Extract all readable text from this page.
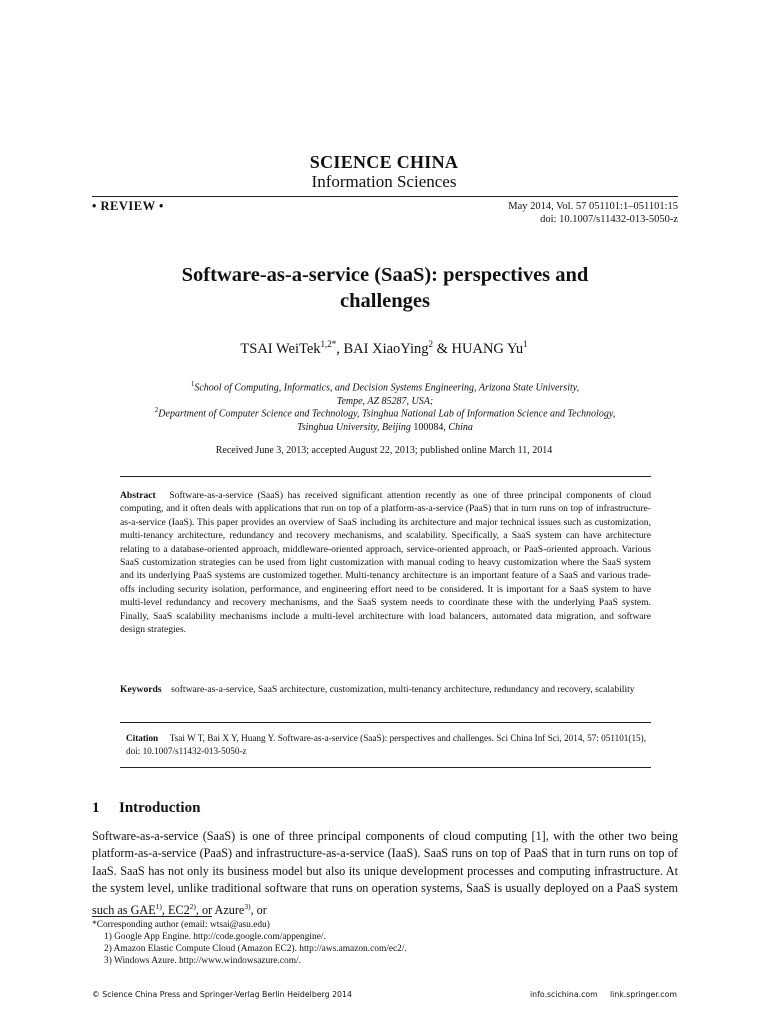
SCIENCE CHINA
Information Sciences
• REVIEW •	May 2014, Vol. 57 051101:1–051101:15
doi: 10.1007/s11432-013-5050-z
Software-as-a-service (SaaS): perspectives and
challenges
TSAI WeiTek$^{1,2*}$, BAI XiaoYing$^2$ & HUANG Yu$^1$
$^1$School of Computing, Informatics, and Decision Systems Engineering, Arizona State University,
Tempe, AZ 85287, USA;
$^2$Department of Computer Science and Technology, Tsinghua National Lab of Information Science and Technology,
Tsinghua University, Beijing 100084, China
Received June 3, 2013; accepted August 22, 2013; published online March 11, 2014
Abstract Software-as-a-service (SaaS) has received significant attention recently as one of three principal components of cloud computing, and it often deals with applications that run on top of a platform-as-a-service (PaaS) that in turn runs on top of infrastructure-as-a-service (IaaS). This paper provides an overview of SaaS including its architecture and major technical issues such as customization, multi-tenancy architecture, redundancy and recovery mechanisms, and scalability. Specifically, a SaaS system can have architecture relating to a database-oriented approach, middleware-oriented approach, service-oriented approach, or PaaS-oriented approach. Various SaaS customization strategies can be used from light customization with manual coding to heavy customization where the SaaS system and its underlying PaaS systems are customized together. Multi-tenancy architecture is an important feature of a SaaS and various trade-offs including security isolation, performance, and engineering effort need to be considered. It is important for a SaaS system to have multi-level redundancy and recovery mechanisms, and the SaaS system needs to coordinate these with the underlying PaaS system. Finally, SaaS scalability mechanisms include a multi-level architecture with load balancers, automated data migration, and software design strategies.
Keywords software-as-a-service, SaaS architecture, customization, multi-tenancy architecture, redundancy and recovery, scalability
Citation Tsai W T, Bai X Y, Huang Y. Software-as-a-service (SaaS): perspectives and challenges. Sci China Inf Sci, 2014, 57: 051101(15), doi: 10.1007/s11432-013-5050-z
1 Introduction
Software-as-a-service (SaaS) is one of three principal components of cloud computing [1], with the other two being platform-as-a-service (PaaS) and infrastructure-as-a-service (IaaS). SaaS runs on top of PaaS that in turn runs on top of IaaS. SaaS has not only its business model but also its unique development processes and computing infrastructure. At the system level, unlike traditional software that runs on operation systems, SaaS is usually deployed on a PaaS system such as GAE$^{1)}$, EC2$^{2)}$, or Azure$^{3)}$, or
*Corresponding author (email: wtsai@asu.edu)
1) Google App Engine. http://code.google.com/appengine/.
2) Amazon Elastic Compute Cloud (Amazon EC2). http://aws.amazon.com/ec2/.
3) Windows Azure. http://www.windowsazure.com/.
© Science China Press and Springer-Verlag Berlin Heidelberg 2014	info.scichina.com link.springer.com
